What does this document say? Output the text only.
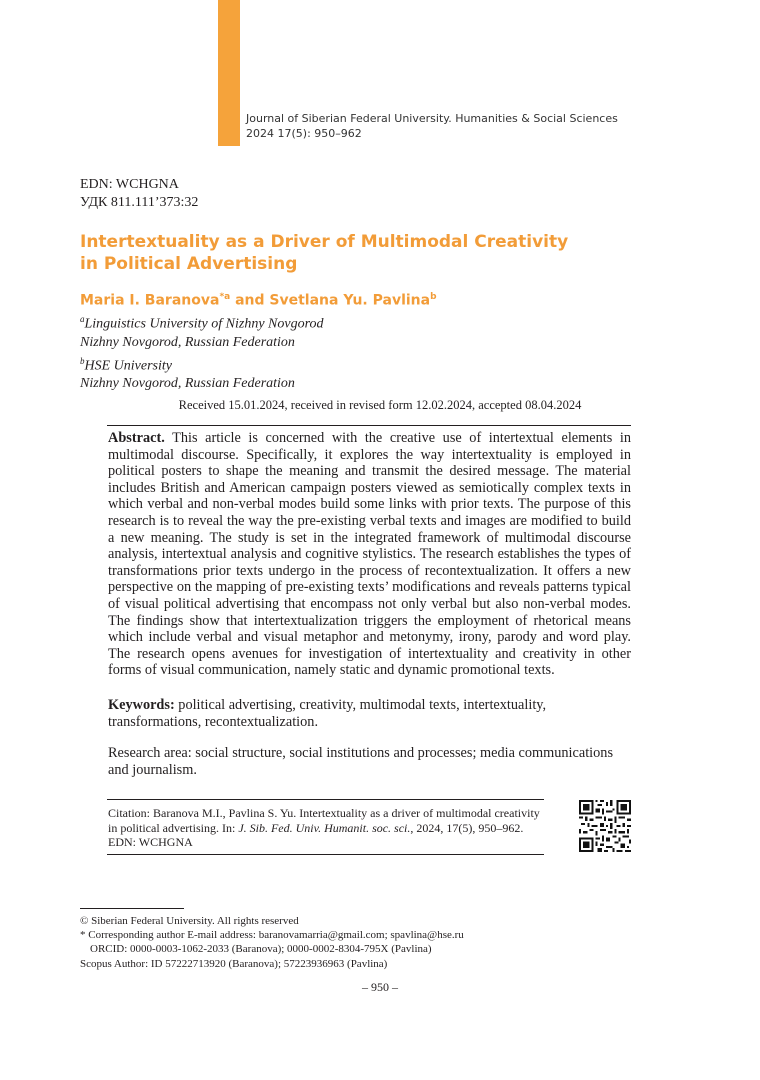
Journal of Siberian Federal University. Humanities & Social Sciences
2024 17(5): 950–962
EDN: WCHGNA
УДК 811.111’373:32
Intertextuality as a Driver of Multimodal Creativity
in Political Advertising
Maria I. Baranova$^{*a}$ and Svetlana Yu. Pavlina$^b$
$^a$Linguistics University of Nizhny Novgorod
Nizhny Novgorod, Russian Federation
$^b$HSE University
Nizhny Novgorod, Russian Federation
Received 15.01.2024, received in revised form 12.02.2024, accepted 08.04.2024
Abstract. This article is concerned with the creative use of intertextual elements in multimodal discourse. Specifically, it explores the way intertextuality is employed in political posters to shape the meaning and transmit the desired message. The material includes British and American campaign posters viewed as semiotically complex texts in which verbal and non-verbal modes build some links with prior texts. The purpose of this research is to reveal the way the pre-existing verbal texts and images are modified to build a new meaning. The study is set in the integrated framework of multimodal discourse analysis, intertextual analysis and cognitive stylistics. The research establishes the types of transformations prior texts undergo in the process of recontextualization. It offers a new perspective on the mapping of pre-existing texts’ modifications and reveals patterns typical of visual political advertising that encompass not only verbal but also non-verbal modes. The findings show that intertextualization triggers the employment of rhetorical means which include verbal and visual metaphor and metonymy, irony, parody and word play. The research opens avenues for investigation of intertextuality and creativity in other forms of visual communication, namely static and dynamic promotional texts.
Keywords: political advertising, creativity, multimodal texts, intertextuality, transformations, recontextualization.
Research area: social structure, social institutions and processes; media communications and journalism.
Citation: Baranova M.I., Pavlina S. Yu. Intertextuality as a driver of multimodal creativity in political advertising. In: J. Sib. Fed. Univ. Humanit. soc. sci., 2024, 17(5), 950–962.
EDN: WCHGNA
© Siberian Federal University. All rights reserved
* Corresponding author E-mail address: baranovamarria@gmail.com; spavlina@hse.ru
ORCID: 0000-0003-1062-2033 (Baranova); 0000-0002-8304-795X (Pavlina)
Scopus Author: ID 57222713920 (Baranova); 57223936963 (Pavlina)
– 950 –
